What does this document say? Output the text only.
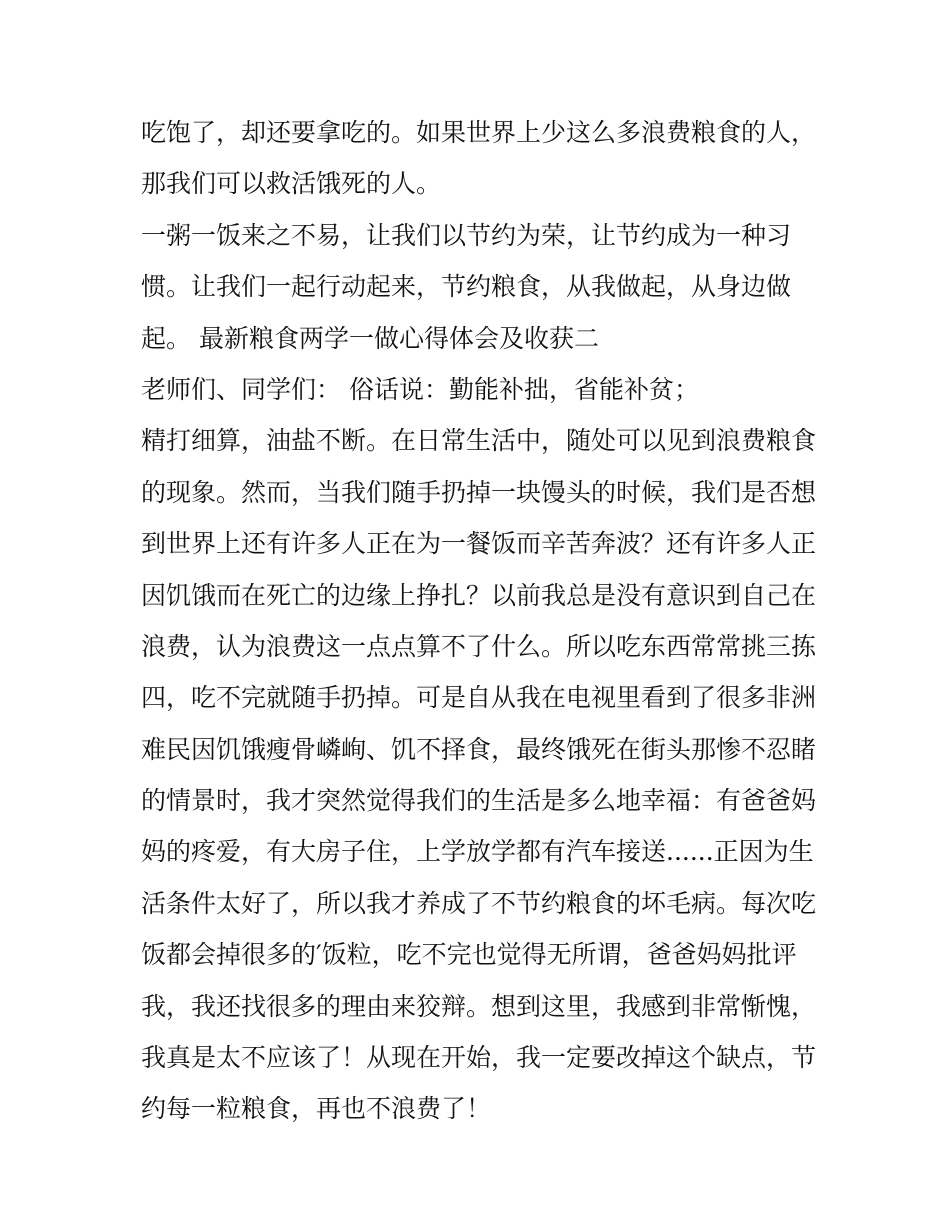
吃饱了，却还要拿吃的。如果世界上少这么多浪费粮食的人，
那我们可以救活饿死的人。
一粥一饭来之不易，让我们以节约为荣，让节约成为一种习
惯。让我们一起行动起来，节约粮食，从我做起，从身边做
起。 最新粮食两学一做心得体会及收获二
老师们、同学们： 俗话说：勤能补拙，省能补贫；
精打细算，油盐不断。在日常生活中，随处可以见到浪费粮食
的现象。然而，当我们随手扔掉一块馒头的时候，我们是否想
到世界上还有许多人正在为一餐饭而辛苦奔波？还有许多人正
因饥饿而在死亡的边缘上挣扎？以前我总是没有意识到自己在
浪费，认为浪费这一点点算不了什么。所以吃东西常常挑三拣
四，吃不完就随手扔掉。可是自从我在电视里看到了很多非洲
难民因饥饿瘦骨嶙峋、饥不择食，最终饿死在街头那惨不忍睹
的情景时，我才突然觉得我们的生活是多么地幸福：有爸爸妈
妈的疼爱，有大房子住，上学放学都有汽车接送......正因为生
活条件太好了，所以我才养成了不节约粮食的坏毛病。每次吃
饭都会掉很多的′饭粒，吃不完也觉得无所谓，爸爸妈妈批评
我，我还找很多的理由来狡辩。想到这里，我感到非常惭愧，
我真是太不应该了！从现在开始，我一定要改掉这个缺点，节
约每一粒粮食，再也不浪费了！
